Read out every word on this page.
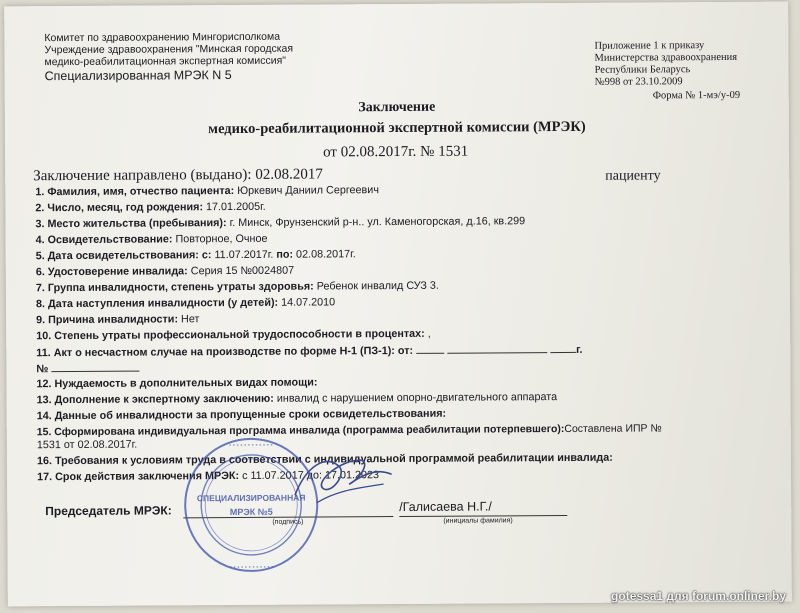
Комитет по здравоохранению Мингорисполкома
Учреждение здравоохранения "Минская городская
медико-реабилитационная экспертная комиссия"
Специализированная МРЭК N 5
Приложение 1 к приказу
Министерства здравоохранения
Республики Беларусь
№998 от 23.10.2009
Форма № 1-мэ/у-09
Заключение
медико-реабилитационной экспертной комиссии (МРЭК)
от 02.08.2017г. № 1531
Заключение направлено (выдано): 02.08.2017	пациенту
1. Фамилия, имя, отчество пациента: Юркевич Даниил Сергеевич
2. Число, месяц, год рождения: 17.01.2005г.
3. Место жительства (пребывания): г. Минск, Фрунзенский р-н.. ул. Каменогорская, д.16, кв.299
4. Освидетельствование: Повторное, Очное
5. Дата освидетельствования: с: 11.07.2017г. по: 02.08.2017г.
6. Удостоверение инвалида: Серия 15 №0024807
7. Группа инвалидности, степень утраты здоровья: Ребенок инвалид СУЗ 3.
8. Дата наступления инвалидности (у детей): 14.07.2010
9. Причина инвалидности: Нет
10. Степень утраты профессиональной трудоспособности в процентах: ,
11. Акт о несчастном случае на производстве по форме Н-1 (ПЗ-1): от:	г.
№
12. Нуждаемость в дополнительных видах помощи:
13. Дополнение к экспертному заключению: инвалид с нарушением опорно-двигательного аппарата
14. Данные об инвалидности за пропущенные сроки освидетельствования:
15. Сформирована индивидуальная программа инвалида (программа реабилитации потерпевшего):Составлена ИПР №
1531 от 02.08.2017г.
16. Требования к условиям труда в соответствии с индивидуальной программой реабилитации инвалида:
17. Срок действия заключения МРЭК: с 11.07.2017 до: 17.01.2023
Председатель МРЭК:
(подпись)
/Галисаева Н.Г./
(инициалы фамилия)
• • • • • • • • • • • •
• • • • • • • • • • • •
СПЕЦИАЛИЗИРОВАННАЯ
МРЭК №5
gotessa1 для forum.onliner.by
